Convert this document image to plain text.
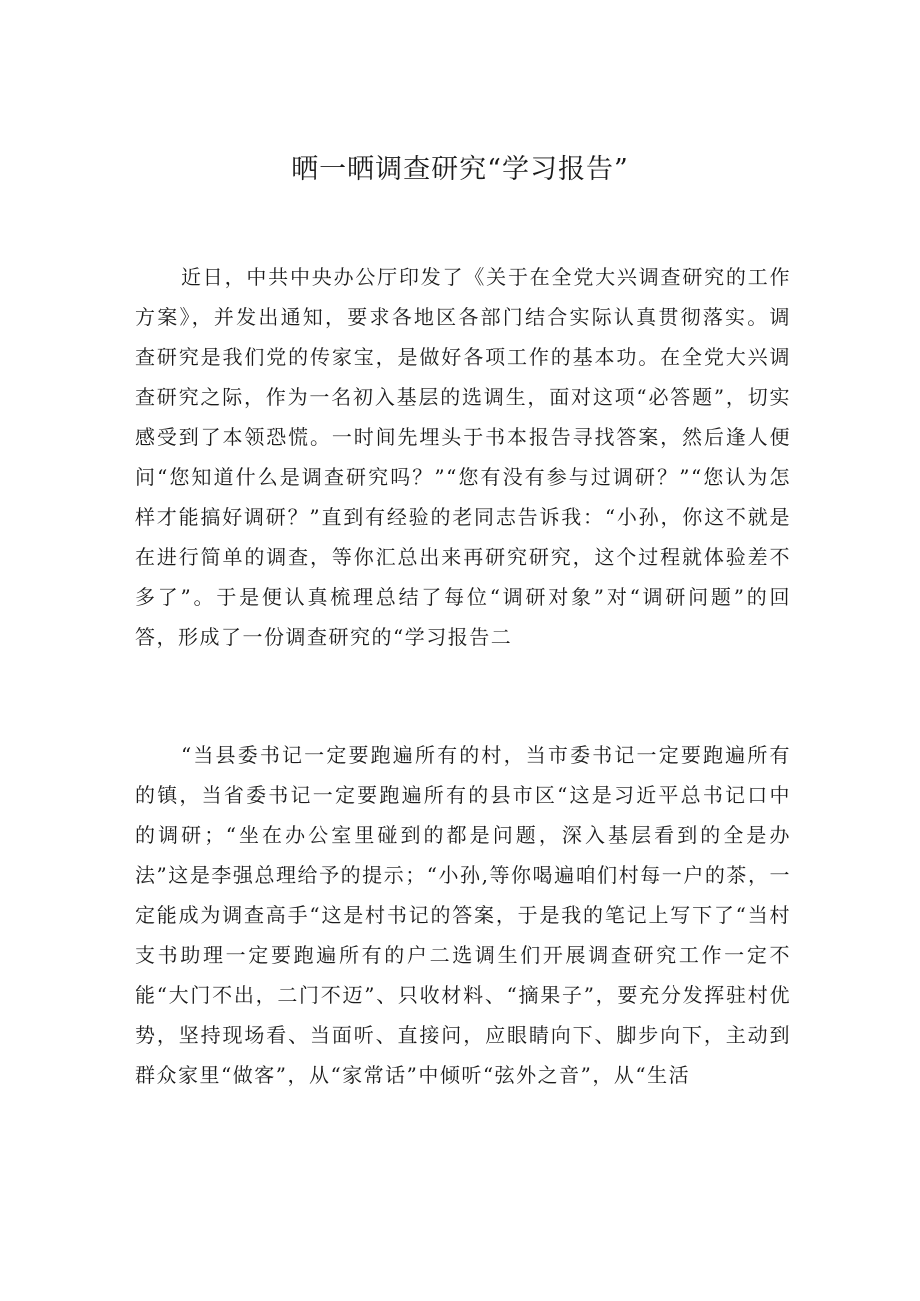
晒一晒调查研究“学习报告”

近日，中共中央办公厅印发了《关于在全党大兴调查研究的工作方案》，并发出通知，要求各地区各部门结合实际认真贯彻落实。调查研究是我们党的传家宝，是做好各项工作的基本功。在全党大兴调查研究之际，作为一名初入基层的选调生，面对这项“必答题”，切实感受到了本领恐慌。一时间先埋头于书本报告寻找答案，然后逢人便问“您知道什么是调查研究吗？”“您有没有参与过调研？”“您认为怎样才能搞好调研？”直到有经验的老同志告诉我：“小孙，你这不就是在进行简单的调查，等你汇总出来再研究研究，这个过程就体验差不多了”。于是便认真梳理总结了每位“调研对象”对“调研问题”的回答，形成了一份调查研究的“学习报告二

“当县委书记一定要跑遍所有的村，当市委书记一定要跑遍所有的镇，当省委书记一定要跑遍所有的县市区“这是习近平总书记口中的调研；“坐在办公室里碰到的都是问题，深入基层看到的全是办法”这是李强总理给予的提示；“小孙,等你喝遍咱们村每一户的茶，一定能成为调查高手“这是村书记的答案，于是我的笔记上写下了“当村支书助理一定要跑遍所有的户二选调生们开展调查研究工作一定不能“大门不出，二门不迈”、只收材料、“摘果子”，要充分发挥驻村优势，坚持现场看、当面听、直接问，应眼睛向下、脚步向下，主动到群众家里“做客”，从“家常话”中倾听“弦外之音”，从“生活
